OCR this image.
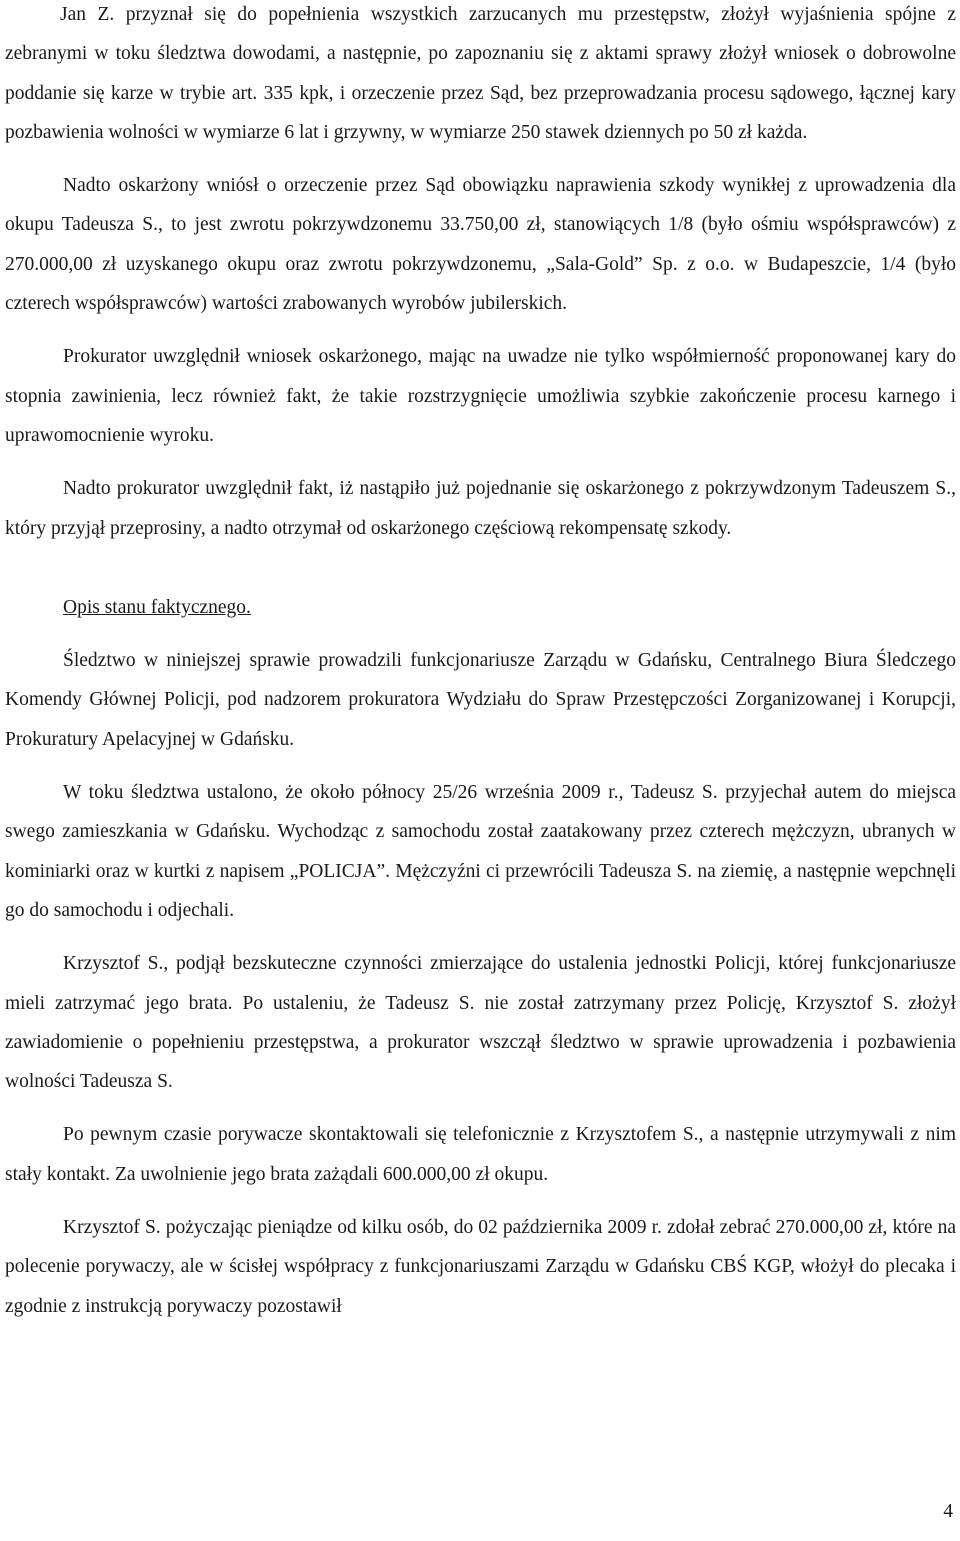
Jan Z. przyznał się do popełnienia wszystkich zarzucanych mu przestępstw, złożył wyjaśnienia spójne z zebranymi w toku śledztwa dowodami, a następnie, po zapoznaniu się z aktami sprawy złożył wniosek o dobrowolne poddanie się karze w trybie art. 335 kpk, i orzeczenie przez Sąd, bez przeprowadzania procesu sądowego, łącznej kary pozbawienia wolności w wymiarze 6 lat i grzywny, w wymiarze 250 stawek dziennych po 50 zł każda.

Nadto oskarżony wniósł o orzeczenie przez Sąd obowiązku naprawienia szkody wynikłej z uprowadzenia dla okupu Tadeusza S., to jest zwrotu pokrzywdzonemu 33.750,00 zł, stanowiących 1/8 (było ośmiu współsprawców) z 270.000,00 zł uzyskanego okupu oraz zwrotu pokrzywdzonemu, „Sala-Gold” Sp. z o.o. w Budapeszcie, 1/4 (było czterech współsprawców) wartości zrabowanych wyrobów jubilerskich.

Prokurator uwzględnił wniosek oskarżonego, mając na uwadze nie tylko współmierność proponowanej kary do stopnia zawinienia, lecz również fakt, że takie rozstrzygnięcie umożliwia szybkie zakończenie procesu karnego i uprawomocnienie wyroku.

Nadto prokurator uwzględnił fakt, iż nastąpiło już pojednanie się oskarżonego z pokrzywdzonym Tadeuszem S., który przyjął przeprosiny, a nadto otrzymał od oskarżonego częściową rekompensatę szkody.

Opis stanu faktycznego.

Śledztwo w niniejszej sprawie prowadzili funkcjonariusze Zarządu w Gdańsku, Centralnego Biura Śledczego Komendy Głównej Policji, pod nadzorem prokuratora Wydziału do Spraw Przestępczości Zorganizowanej i Korupcji, Prokuratury Apelacyjnej w Gdańsku.

W toku śledztwa ustalono, że około północy 25/26 września 2009 r., Tadeusz S. przyjechał autem do miejsca swego zamieszkania w Gdańsku. Wychodząc z samochodu został zaatakowany przez czterech mężczyzn, ubranych w kominiarki oraz w kurtki z napisem „POLICJA”. Mężczyźni ci przewrócili Tadeusza S. na ziemię, a następnie wepchnęli go do samochodu i odjechali.

Krzysztof S., podjął bezskuteczne czynności zmierzające do ustalenia jednostki Policji, której funkcjonariusze mieli zatrzymać jego brata. Po ustaleniu, że Tadeusz S. nie został zatrzymany przez Policję, Krzysztof S. złożył zawiadomienie o popełnieniu przestępstwa, a prokurator wszczął śledztwo w sprawie uprowadzenia i pozbawienia wolności Tadeusza S.

Po pewnym czasie porywacze skontaktowali się telefonicznie z Krzysztofem S., a następnie utrzymywali z nim stały kontakt. Za uwolnienie jego brata zażądali 600.000,00 zł okupu.

Krzysztof S. pożyczając pieniądze od kilku osób, do 02 października 2009 r. zdołał zebrać 270.000,00 zł, które na polecenie porywaczy, ale w ścisłej współpracy z funkcjonariuszami Zarządu w Gdańsku CBŚ KGP, włożył do plecaka i zgodnie z instrukcją porywaczy pozostawił

4
